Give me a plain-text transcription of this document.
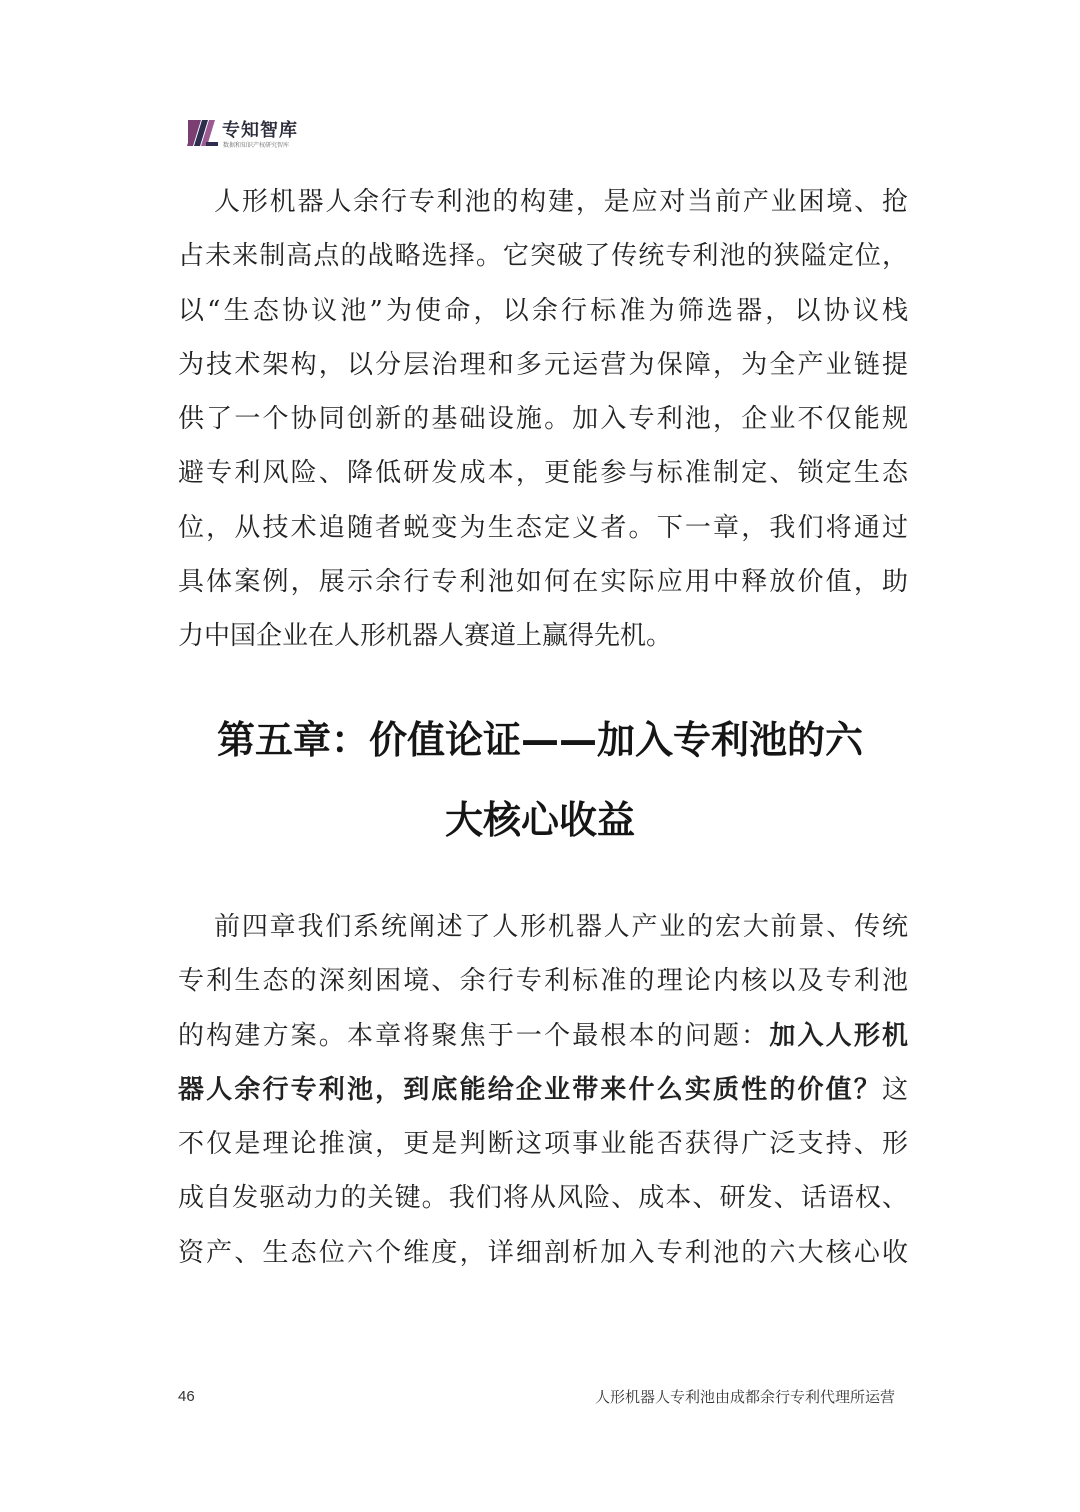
专知智库
数据和知识产权研究智库

人形机器人余行专利池的构建，是应对当前产业困境、抢
占未来制高点的战略选择。它突破了传统专利池的狭隘定位，
以“生态协议池”为使命，以余行标准为筛选器，以协议栈
为技术架构，以分层治理和多元运营为保障，为全产业链提
供了一个协同创新的基础设施。加入专利池，企业不仅能规
避专利风险、降低研发成本，更能参与标准制定、锁定生态
位，从技术追随者蜕变为生态定义者。下一章，我们将通过
具体案例，展示余行专利池如何在实际应用中释放价值，助
力中国企业在人形机器人赛道上赢得先机。

第五章：价值论证——加入专利池的六
大核心收益

前四章我们系统阐述了人形机器人产业的宏大前景、传统
专利生态的深刻困境、余行专利标准的理论内核以及专利池
的构建方案。本章将聚焦于一个最根本的问题：加入人形机
器人余行专利池，到底能给企业带来什么实质性的价值？这
不仅是理论推演，更是判断这项事业能否获得广泛支持、形
成自发驱动力的关键。我们将从风险、成本、研发、话语权、
资产、生态位六个维度，详细剖析加入专利池的六大核心收

46	人形机器人专利池由成都余行专利代理所运营
